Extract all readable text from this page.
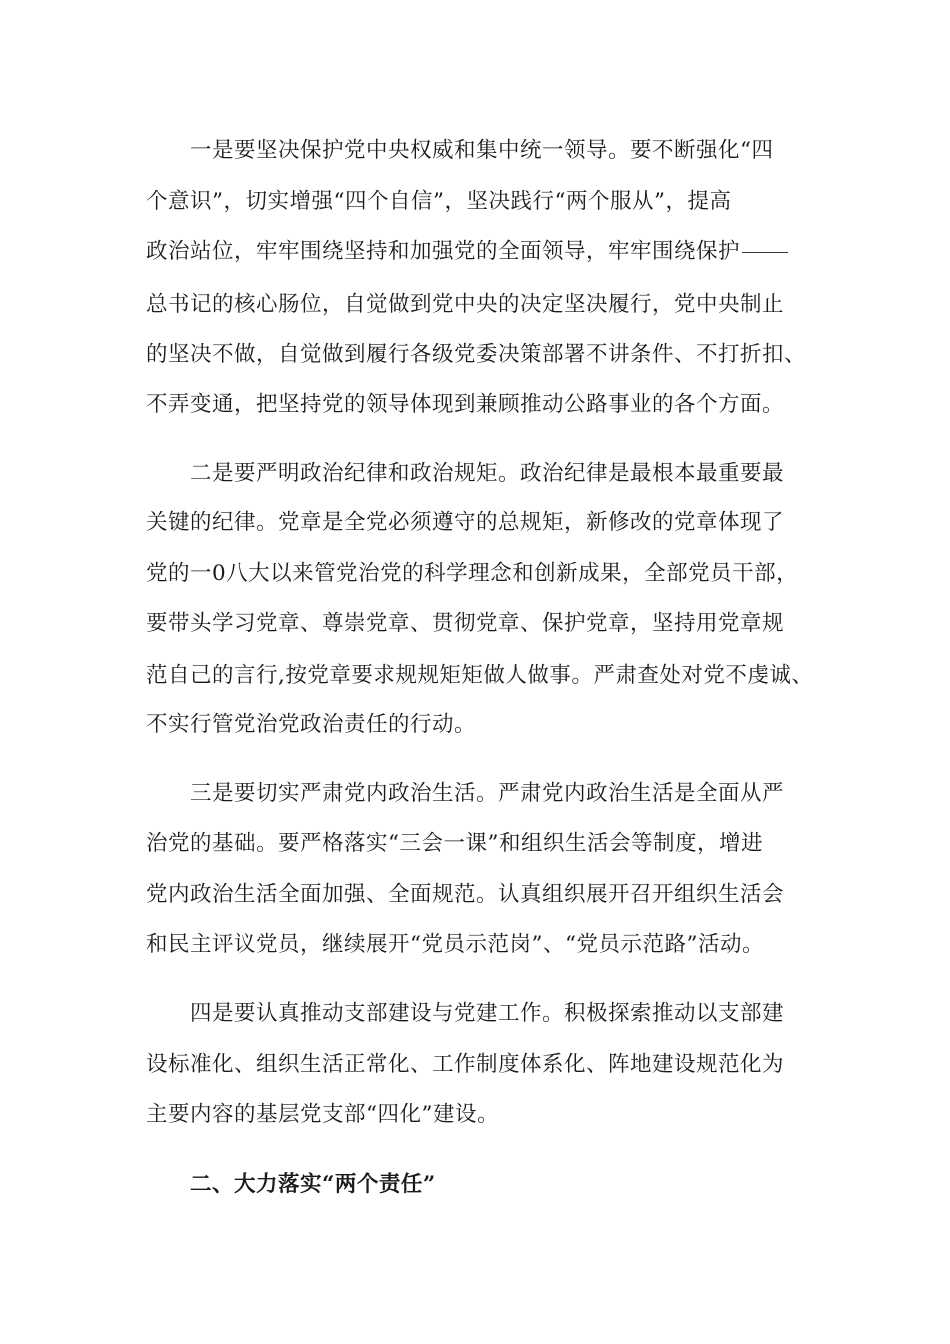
一是要坚决保护党中央权威和集中统一领导。要不断强化“四
个意识”，切实增强“四个自信”，坚决践行“两个服从”，提高
政治站位，牢牢围绕坚持和加强党的全面领导，牢牢围绕保护
总书记的核心肠位，自觉做到党中央的决定坚决履行，党中央制止
的坚决不做，自觉做到履行各级党委决策部署不讲条件、不打折扣、
不弄变通，把坚持党的领导体现到兼顾推动公路事业的各个方面。
二是要严明政治纪律和政治规矩。政治纪律是最根本最重要最
关键的纪律。党章是全党必须遵守的总规矩，新修改的党章体现了
党的一0八大以来管党治党的科学理念和创新成果，全部党员干部，
要带头学习党章、尊崇党章、贯彻党章、保护党章，坚持用党章规
范自己的言行,按党章要求规规矩矩做人做事。严肃查处对党不虔诚、
不实行管党治党政治责任的行动。
三是要切实严肃党内政治生活。严肃党内政治生活是全面从严
治党的基础。要严格落实“三会一课”和组织生活会等制度，增进
党内政治生活全面加强、全面规范。认真组织展开召开组织生活会
和民主评议党员，继续展开“党员示范岗”、“党员示范路”活动。
四是要认真推动支部建设与党建工作。积极探索推动以支部建
设标准化、组织生活正常化、工作制度体系化、阵地建设规范化为
主要内容的基层党支部“四化”建设。
二、大力落实“两个责任”
